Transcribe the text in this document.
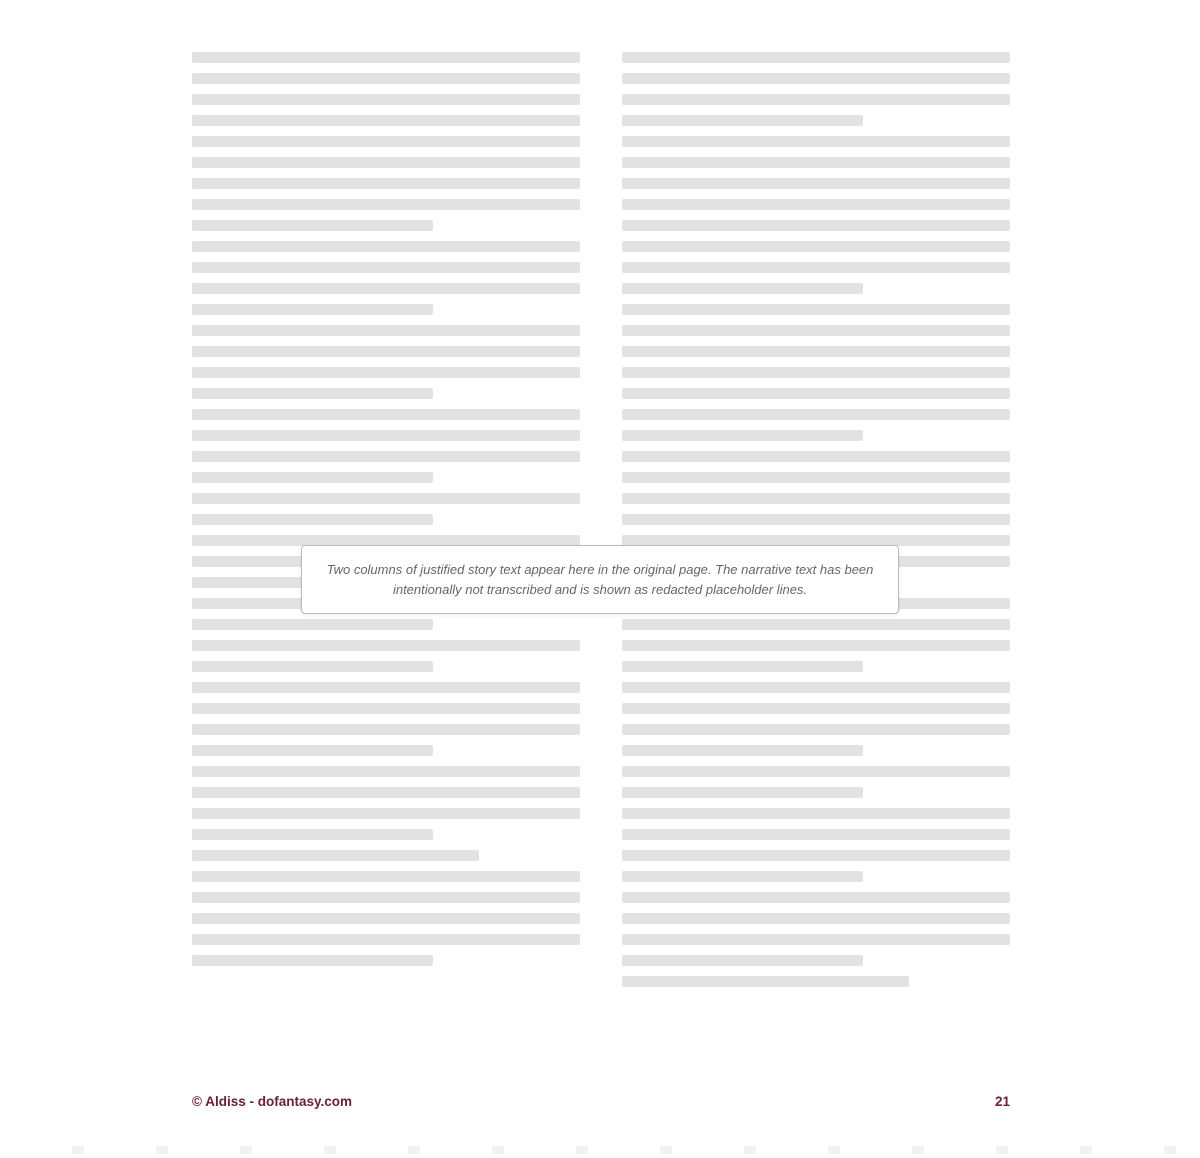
Two columns of justified story text appear here in the original page. The narrative text has been intentionally not transcribed and is shown as redacted placeholder lines.
© Aldiss - dofantasy.com	21
